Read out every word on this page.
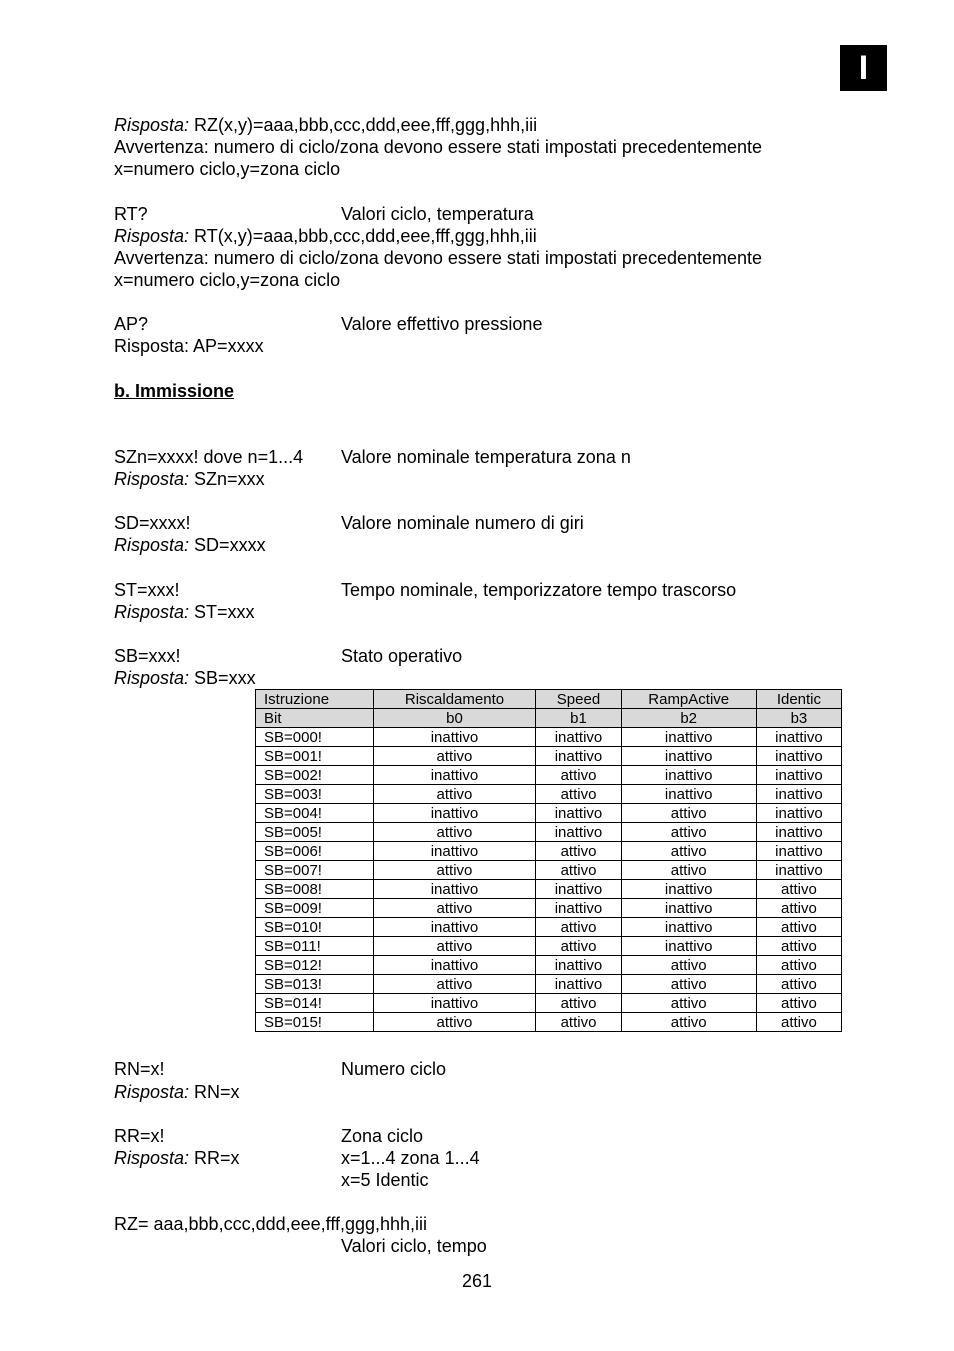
I
Risposta: RZ(x,y)=aaa,bbb,ccc,ddd,eee,fff,ggg,hhh,iii
Avvertenza: numero di ciclo/zona devono essere stati impostati precedentemente
x=numero ciclo,y=zona ciclo
RT?	Valori ciclo, temperatura
Risposta: RT(x,y)=aaa,bbb,ccc,ddd,eee,fff,ggg,hhh,iii
Avvertenza: numero di ciclo/zona devono essere stati impostati precedentemente
x=numero ciclo,y=zona ciclo
AP?	Valore effettivo pressione
Risposta: AP=xxxx
b. Immissione
SZn=xxxx! dove n=1...4 Valore nominale temperatura zona n
Risposta: SZn=xxx
SD=xxxx!	Valore nominale numero di giri
Risposta: SD=xxxx
ST=xxx!	Tempo nominale, temporizzatore tempo trascorso
Risposta: ST=xxx
SB=xxx!	Stato operativo
Risposta: SB=xxx
Istruzione	Riscaldamento	Speed	RampActive	Identic
Bit	b0	b1	b2	b3
SB=000!	inattivo	inattivo	inattivo	inattivo
SB=001!	attivo	inattivo	inattivo	inattivo
SB=002!	inattivo	attivo	inattivo	inattivo
SB=003!	attivo	attivo	inattivo	inattivo
SB=004!	inattivo	inattivo	attivo	inattivo
SB=005!	attivo	inattivo	attivo	inattivo
SB=006!	inattivo	attivo	attivo	inattivo
SB=007!	attivo	attivo	attivo	inattivo
SB=008!	inattivo	inattivo	inattivo	attivo
SB=009!	attivo	inattivo	inattivo	attivo
SB=010!	inattivo	attivo	inattivo	attivo
SB=011!	attivo	attivo	inattivo	attivo
SB=012!	inattivo	inattivo	attivo	attivo
SB=013!	attivo	inattivo	attivo	attivo
SB=014!	inattivo	attivo	attivo	attivo
SB=015!	attivo	attivo	attivo	attivo
RN=x!	Numero ciclo
Risposta: RN=x
RR=x!	Zona ciclo
Risposta: RR=x	x=1...4 zona 1...4
x=5 Identic
RZ= aaa,bbb,ccc,ddd,eee,fff,ggg,hhh,iii
Valori ciclo, tempo
261
